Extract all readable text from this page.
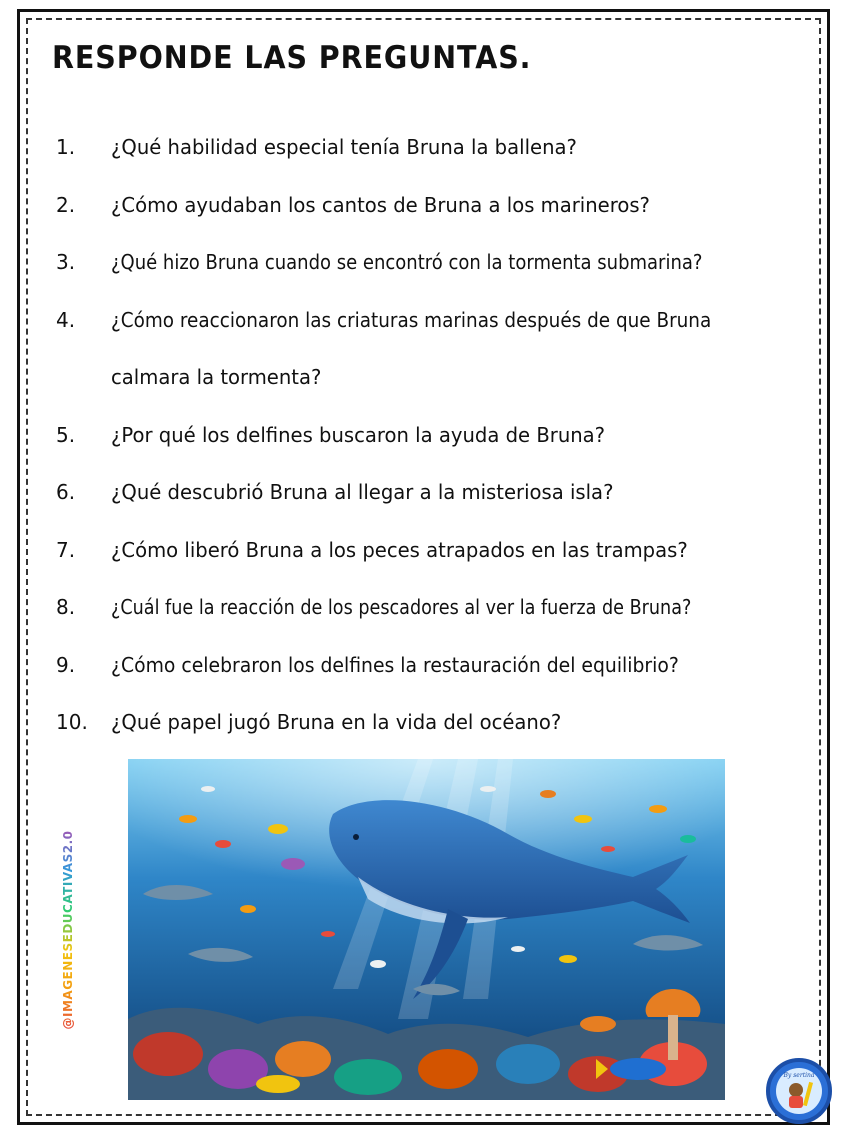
RESPONDE LAS PREGUNTAS.
1. ¿Qué habilidad especial tenía Bruna la ballena?
2. ¿Cómo ayudaban los cantos de Bruna a los marineros?
3. ¿Qué hizo Bruna cuando se encontró con la tormenta submarina?
4. ¿Cómo reaccionaron las criaturas marinas después de que Bruna
calmara la tormenta?
5. ¿Por qué los delfines buscaron la ayuda de Bruna?
6. ¿Qué descubrió Bruna al llegar a la misteriosa isla?
7. ¿Cómo liberó Bruna a los peces atrapados en las trampas?
8. ¿Cuál fue la reacción de los pescadores al ver la fuerza de Bruna?
9. ¿Cómo celebraron los delfines la restauración del equilibrio?
10. ¿Qué papel jugó Bruna en la vida del océano?
@IMAGENESEDUCATIVAS2.0
By sertina
